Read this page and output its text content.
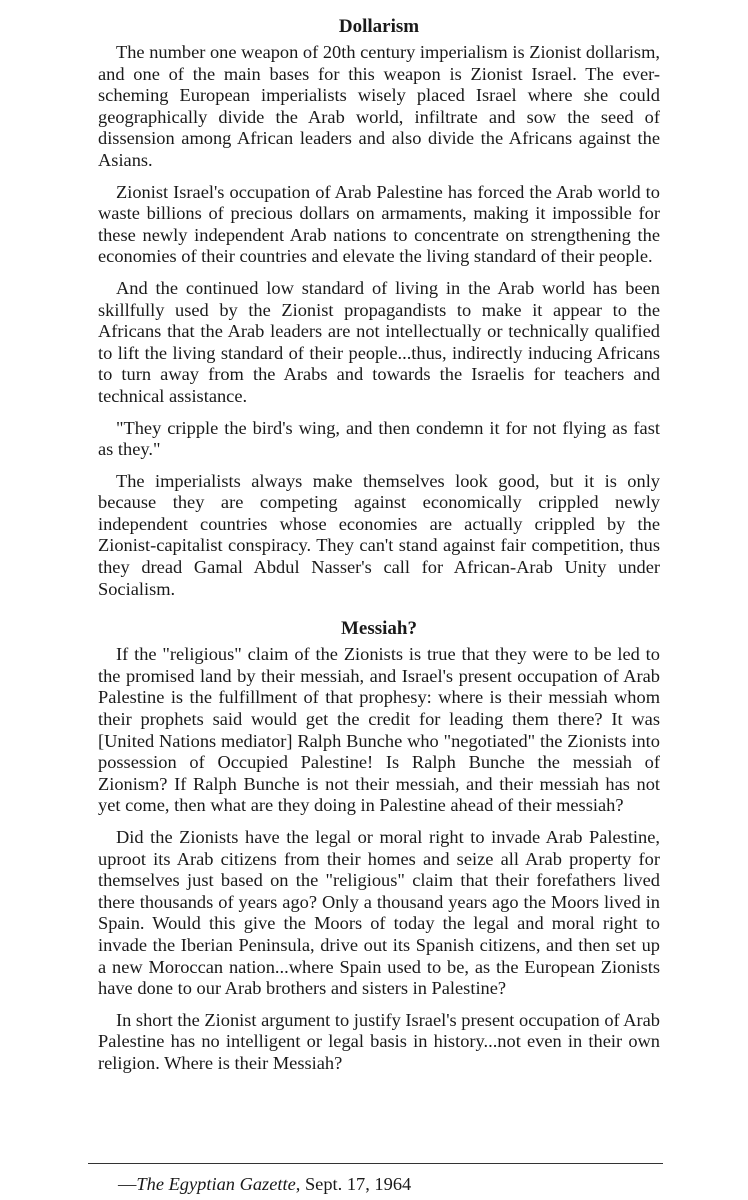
Dollarism

The number one weapon of 20th century imperialism is Zionist dollarism, and one of the main bases for this weapon is Zionist Israel. The ever-scheming European imperialists wisely placed Israel where she could geographically divide the Arab world, infiltrate and sow the seed of dissension among African leaders and also divide the Africans against the Asians.

Zionist Israel's occupation of Arab Palestine has forced the Arab world to waste billions of precious dollars on armaments, making it impossible for these newly independent Arab nations to concentrate on strengthening the economies of their countries and elevate the living standard of their people.

And the continued low standard of living in the Arab world has been skillfully used by the Zionist propagandists to make it appear to the Africans that the Arab leaders are not intellectually or technically qualified to lift the living standard of their people...thus, indirectly inducing Africans to turn away from the Arabs and towards the Israelis for teachers and technical assistance.

"They cripple the bird's wing, and then condemn it for not flying as fast as they."

The imperialists always make themselves look good, but it is only because they are competing against economically crippled newly independent countries whose economies are actually crippled by the Zionist-capitalist conspiracy. They can't stand against fair competition, thus they dread Gamal Abdul Nasser's call for African-Arab Unity under Socialism.

Messiah?

If the "religious" claim of the Zionists is true that they were to be led to the promised land by their messiah, and Israel's present occupation of Arab Palestine is the fulfillment of that prophesy: where is their messiah whom their prophets said would get the credit for leading them there? It was [United Nations mediator] Ralph Bunche who "negotiated" the Zionists into possession of Occupied Palestine! Is Ralph Bunche the messiah of Zionism? If Ralph Bunche is not their messiah, and their messiah has not yet come, then what are they doing in Palestine ahead of their messiah?

Did the Zionists have the legal or moral right to invade Arab Palestine, uproot its Arab citizens from their homes and seize all Arab property for themselves just based on the "religious" claim that their forefathers lived there thousands of years ago? Only a thousand years ago the Moors lived in Spain. Would this give the Moors of today the legal and moral right to invade the Iberian Peninsula, drive out its Spanish citizens, and then set up a new Moroccan nation...where Spain used to be, as the European Zionists have done to our Arab brothers and sisters in Palestine?

In short the Zionist argument to justify Israel's present occupation of Arab Palestine has no intelligent or legal basis in history...not even in their own religion. Where is their Messiah?

—The Egyptian Gazette, Sept. 17, 1964
